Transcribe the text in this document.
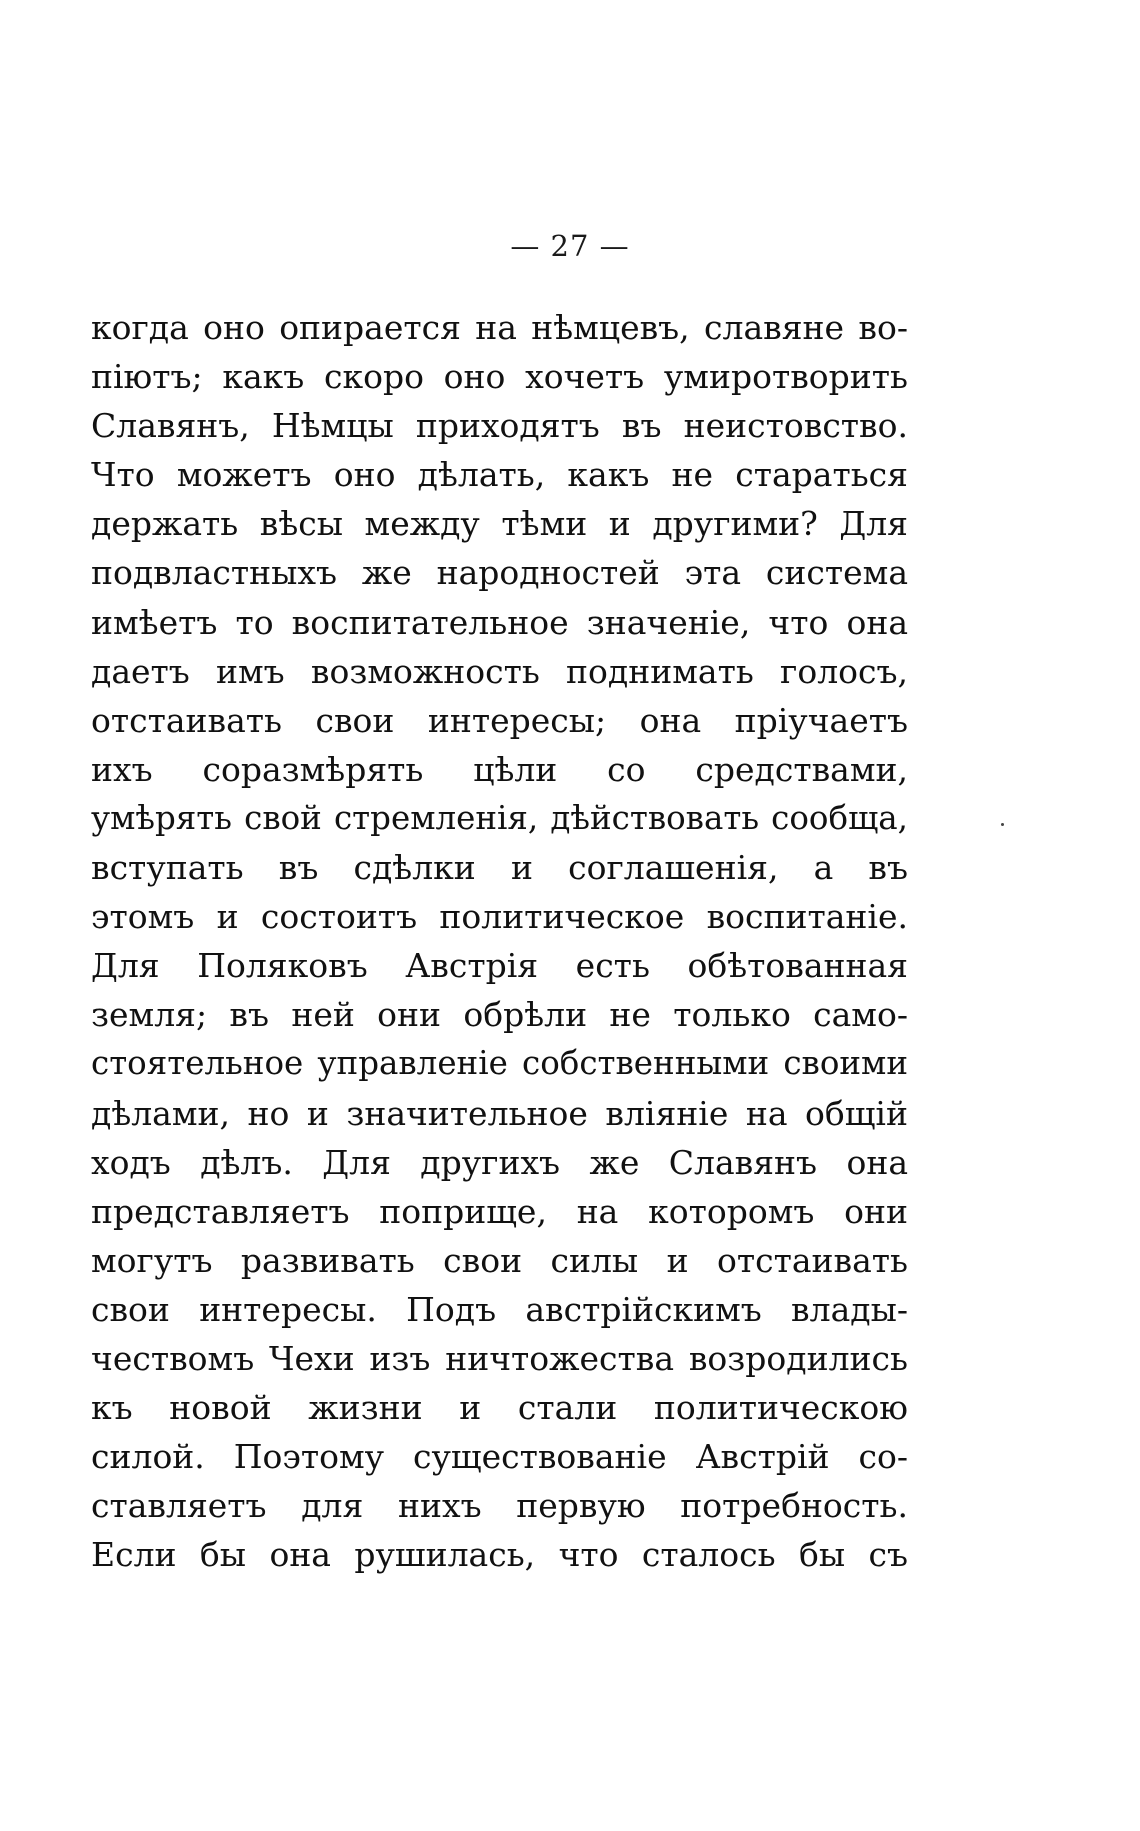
— 27 —
когда оно опирается на нѣмцевъ, славяне во-
піютъ; какъ скоро оно хочетъ умиротворить
Славянъ, Нѣмцы приходятъ въ неистовство.
Что можетъ оно дѣлать, какъ не стараться
держать вѣсы между тѣми и другими? Для
подвластныхъ же народностей эта система
имѣетъ то воспитательное значеніе, что она
даетъ имъ возможность поднимать голосъ,
отстаивать свои интересы; она пріучаетъ
ихъ соразмѣрять цѣли со средствами,
умѣрять свой стремленія, дѣйствовать сообща,
вступать въ сдѣлки и соглашенія, а въ
этомъ и состоитъ политическое воспитаніе.
Для Поляковъ Австрія есть обѣтованная
земля; въ ней они обрѣли не только само-
стоятельное управленіе собственными своими
дѣлами, но и значительное вліяніе на общій
ходъ дѣлъ. Для другихъ же Славянъ она
представляетъ поприще, на которомъ они
могутъ развивать свои силы и отстаивать
свои интересы. Подъ австрійскимъ влады-
чествомъ Чехи изъ ничтожества возродились
къ новой жизни и стали политическою
силой. Поэтому существованіе Австрій со-
ставляетъ для нихъ первую потребность.
Если бы она рушилась, что сталось бы съ
